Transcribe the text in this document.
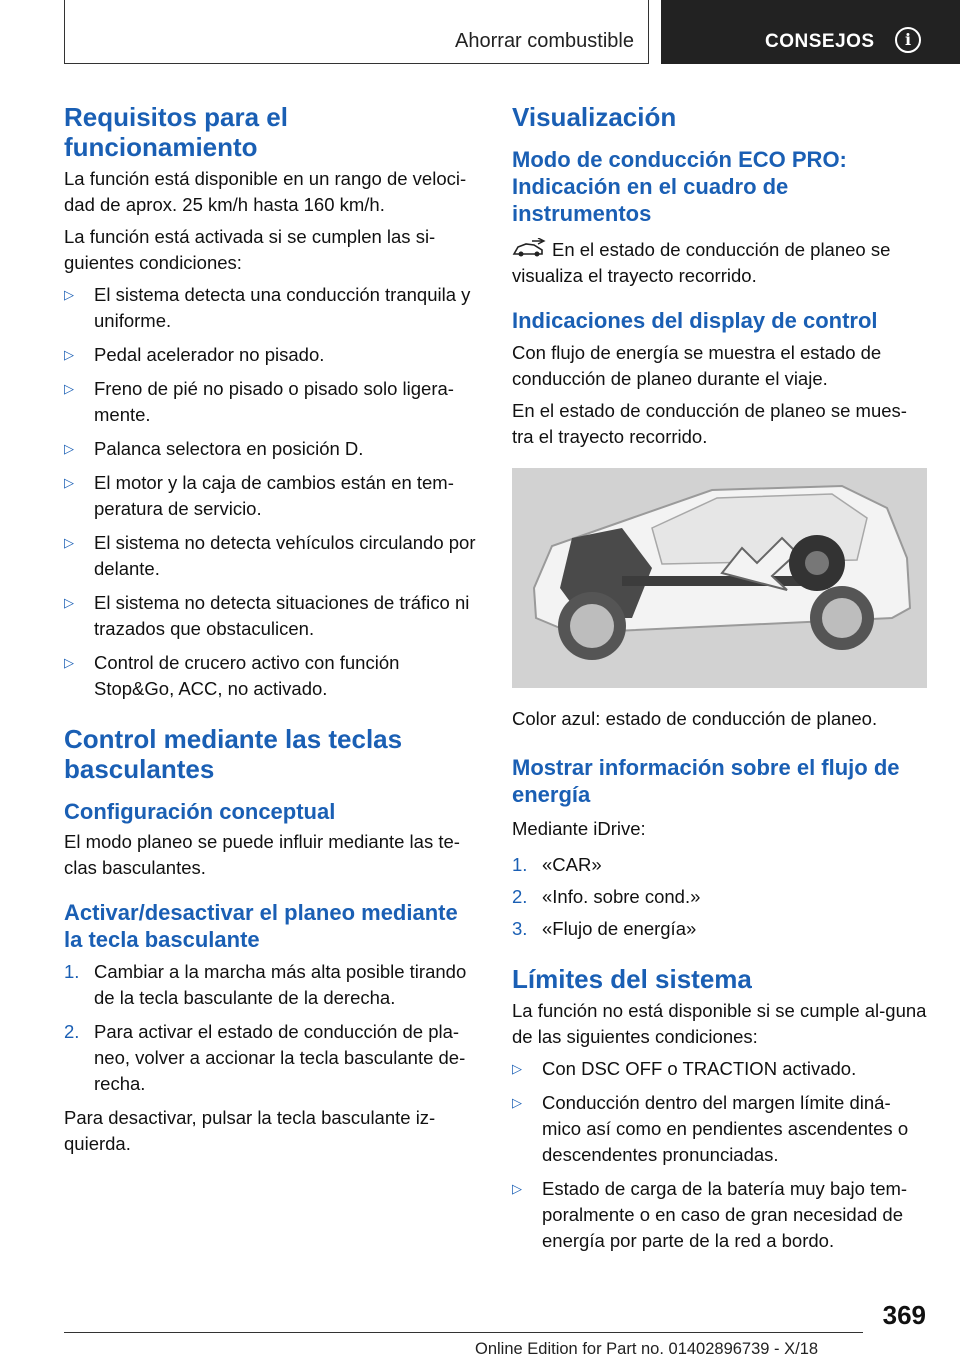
Ahorrar combustible	CONSEJOS	i
Requisitos para el funcionamiento

La función está disponible en un rango de veloci-dad de aprox. 25 km/h hasta 160 km/h.

La función está activada si se cumplen las si-guientes condiciones:

▷ El sistema detecta una conducción tranquila y uniforme.
▷ Pedal acelerador no pisado.
▷ Freno de pié no pisado o pisado solo ligera-mente.
▷ Palanca selectora en posición D.
▷ El motor y la caja de cambios están en tem-peratura de servicio.
▷ El sistema no detecta vehículos circulando por delante.
▷ El sistema no detecta situaciones de tráfico ni trazados que obstaculicen.
▷ Control de crucero activo con función Stop&Go, ACC, no activado.
Control mediante las teclas basculantes
Configuración conceptual

El modo planeo se puede influir mediante las te-clas basculantes.

Activar/desactivar el planeo mediante la tecla basculante
1. Cambiar a la marcha más alta posible tirando de la tecla basculante de la derecha.
2. Para activar el estado de conducción de pla-neo, volver a accionar la tecla basculante de-recha.

Para desactivar, pulsar la tecla basculante iz-quierda.

Visualización
Modo de conducción ECO PRO: Indicación en el cuadro de instrumentos

En el estado de conducción de planeo se visualiza el trayecto recorrido.

Indicaciones del display de control

Con flujo de energía se muestra el estado de conducción de planeo durante el viaje.

En el estado de conducción de planeo se mues-tra el trayecto recorrido.

Color azul: estado de conducción de planeo.

Mostrar información sobre el flujo de energía

Mediante iDrive:

1. «CAR»
2. «Info. sobre cond.»
3. «Flujo de energía»
Límites del sistema

La función no está disponible si se cumple al-guna de las siguientes condiciones:

▷ Con DSC OFF o TRACTION activado.
▷ Conducción dentro del margen límite diná-mico así como en pendientes ascendentes o descendentes pronunciadas.
▷ Estado de carga de la batería muy bajo tem-poralmente o en caso de gran necesidad de energía por parte de la red a bordo.
369
Online Edition for Part no. 01402896739 - X/18
